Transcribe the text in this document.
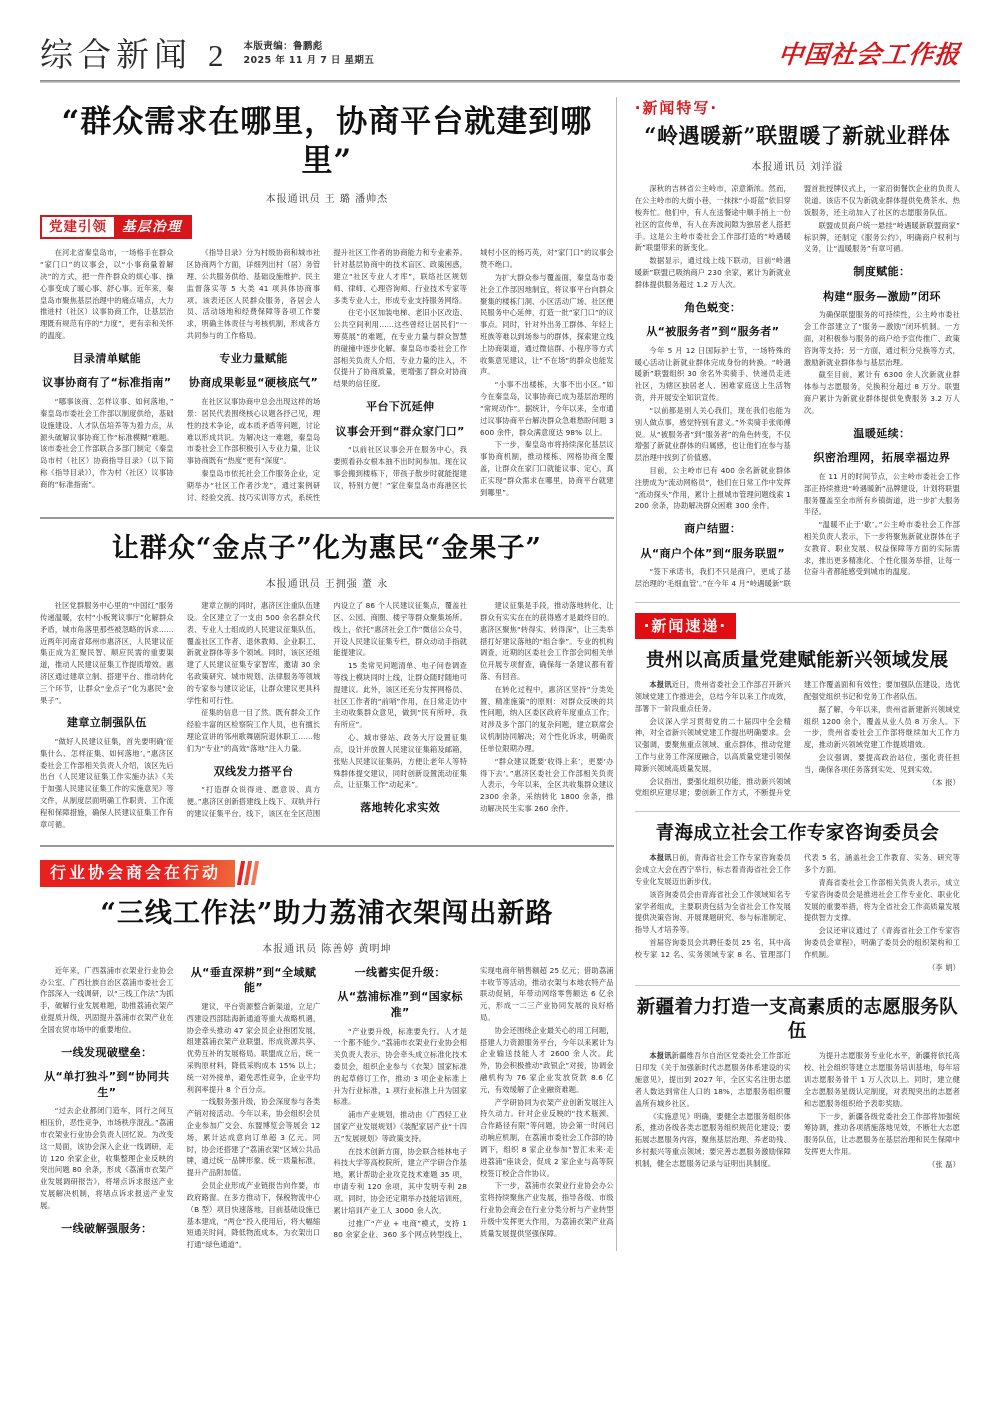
综合新闻 2 本版责编：鲁鹏彪
2025 年 11 月 7 日 星期五	中国社会工作报
“群众需求在哪里，协商平台就建到哪里”
本报通讯员 王 璐 潘帅杰
党建引领	基层治理

在河北省秦皇岛市，一场格手在群众“家门口”的议事会，以“小事商量着解决”的方式，把一件件群众的烦心事、操心事变成了暖心事、舒心事。近年来，秦皇岛市聚焦基层治理中的痛点堵点，大力推进村（社区）议事协商工作，让基层治理既有规范有序的“力度”，更有亲和关怀的温度。

目录清单赋能
议事协商有了“标准指南”

“哪事该商、怎样议事、如何落地，”秦皇岛市委社会工作部以制度供给，基础设施建设、人才队伍培养等为着力点，从源头破解议事协商工作“标准模糊”难题。该市委社会工作部联合多部门制定《秦皇岛市村（社区）协商指导目录》（以下简称《指导目录》），作为村（社区）议事协商的“标准指南”。

《指导目录》分为村级协商和城市社区协商两个方面，详细列出村（居）务管理、公共服务供给、基础设施维护、民主监督落实等 5 大类 41 项具体协商事项。该表还区人民群众服务，各居会人员、活动场地和经费保障等各项工作要求，明确主体责任与考核机制，形成各方共同参与的工作格局。

专业力量赋能
协商成果彰显“硬核底气”

在社区议事协商中总会出现这样的场景：居民代表围绕核心议题各抒己见，理性的技术争论，或本质矛盾等问题，讨论难以形成共识。为解决这一难题，秦皇岛市委社会工作部积极引入专业力量，让议事协商既有“热度”更有“深度”。

秦皇岛市依托社会工作服务企业，定期举办“社区工作者沙龙”，通过案例研讨、经验交流、技巧实训等方式，系统性提升社区工作者的协商能力和专业素养。针对基层协商中的技术盲区、政策困惑，建立“社区专业人才库”，联络社区规划师、律师、心理咨询师、行业技术专家等多类专业人士，形成专业支持服务网络。

住宅小区加装电梯、老旧小区改造、公共空间利用……这些曾经让居民们“一筹莫展”的难题，在专业力量与群众智慧的碰撞中逐步化解。秦皇岛市委社会工作部相关负责人介绍，专业力量的注入，不仅提升了协商质量，更增强了群众对协商结果的信任度。

平台下沉延伸
议事会开到“群众家门口”

“以前社区议事会开在服务中心，我要照看孙女根本抽不出时间参加。现在议事会搬到楼栋下，带孩子散步时就能提建议，特别方便！”家住秦皇岛市海港区长城村小区的杨巧英，对“家门口”的议事会赞不绝口。

为扩大群众参与覆盖面，秦皇岛市委社会工作部因地制宜，将议事平台向群众聚集的楼栋门洞、小区活动广场、社区便民服务中心延伸，打造一批“家门口”的议事点。同时，针对外出务工群体、年轻上班族等难以到场参与的群体，探索建立线上协商渠道，通过微信群、小程序等方式收集意见建议，让“不在场”的群众也能发声。

“小事不出楼栋，大事不出小区。”如今在秦皇岛，议事协商已成为基层治理的“常规动作”。据统计，今年以来，全市通过议事协商平台解决群众急难愁盼问题 3600 余件，群众满意度达 98% 以上。

下一步，秦皇岛市将持续深化基层议事协商机制，推动楼栋、网格协商全覆盖，让群众在家门口就能议事、定心，真正实现“群众需求在哪里，协商平台就建到哪里”。

让群众“金点子”化为惠民“金果子”
本报通讯员 王拥强 董 永

社区党群服务中心里的“中国红”服务传递温暖，农村“小板凳议事厅”化解群众矛盾，城市角落里那些被忽略的诉求……近两年河南省郑州市惠济区，人民建议征集正成为汇聚民智、顺应民需的重要渠道，推动人民建议征集工作提质增效。惠济区通过建章立制、搭建平台、推动转化三个环节，让群众“金点子”化为惠民“金果子”。

建章立制强队伍

“做好人民建议征集，首先要明确‘征集什么、怎样征集、如何落地’。”惠济区委社会工作部相关负责人介绍，该区先后出台《人民建议征集工作实施办法》《关于加强人民建议征集工作的实施意见》等文件，从制度层面明确工作职责、工作流程和保障措施，确保人民建议征集工作有章可循。

建章立制的同时，惠济区注重队伍建设。全区建立了一支由 500 余名群众代表、专业人士组成的人民建议征集队伍，覆盖社区工作者、退休教师、企业职工、新就业群体等多个领域。同时，该区还组建了人民建议征集专家智库，邀请 30 余名政策研究、城市规划、法律服务等领域的专家参与建议论证，让群众建议更具科学性和可行性。

征集的信息一目了然。既有群众工作经验丰富的区检察院工作人员，也有擅长理论宣讲的邻州歌舞剧院退休职工……他们为“专业”的高效“落地”注入力量。

双线发力搭平台

“打造群众说得进、愿意说、真方便。”惠济区创新搭建线上线下、双轨并行的建议征集平台。线下，该区在全区范围内设立了 86 个人民建议征集点，覆盖社区、公园、商圈、楼宇等群众聚集场所。线上，依托“惠济社会工作”微信公众号，开设人民建议征集专栏，群众动动手指就能提建议。

15 类常见问题清单、电子问卷调查等线上模块同时上线，让群众随时随地可提建议。此外，该区还充分发挥网格员、社区工作者的“前哨”作用，在日常走访中主动收集群众意见，做到“民有所呼，我有所应”。

心、城市驿站、政务大厅设置征集点，设计并放置人民建议征集箱及邮箱，张贴人民建议征集码，方便让老年人等特殊群体提交建议，同时创新设置流动征集点，让征集工作“动起来”。

落地转化求实效

建议征集是手段，推动落地转化、让群众有实实在在的获得感才是最终目的。惠济区聚焦“转得实、转得深”，让三类举措打好建议落地的“组合拳”。专业的机构调查，近期的区委社会工作部会同相关单位开展专项督查，确保每一条建议都有着落、有回音。

在转化过程中，惠济区坚持“分类处置、精准施策”的原则：对群众反映的共性问题，纳入区委区政府年度重点工作；对涉及多个部门的复杂问题，建立联席会议机制协同解决；对个性化诉求，明确责任单位限期办理。

“群众建议既要‘收得上来’，更要‘办得下去’。”惠济区委社会工作部相关负责人表示，今年以来，全区共收集群众建议 2300 余条，采纳转化 1800 余条，推动解决民生实事 260 余件。

行业协会商会在行动
“三线工作法”助力荔浦衣架闯出新路
本报通讯员 陈善婷 黄明坤

近年来，广西荔浦市衣架业行业协会办公室、广西壮族自治区荔浦市委社会工作部深入一线调研，以“三线工作法”为抓手，破解行业发展难题，助推荔浦衣架产业提质升级，巩固提升荔浦市衣架产业在全国农贸市场中的重要地位。

一线发现破壁垒：
从“单打独斗”到“协同共生”

“过去企业都闭门造车，同行之间互相压价，恶性竞争，市场秩序混乱。”荔浦市衣架业行业协会负责人回忆说。为改变这一局面，该协会深入企业一线调研，走访 120 余家企业，收集整理企业反映的突出问题 80 余条，形成《荔浦市衣架产业发展调研报告》，将堵点诉求报送产业发展解决机制，将堵点诉求报送产业发展。

一线破解强服务：
从“垂直深耕”到“全域赋能”

建议，平台资源整合新渠道，立足广西建设西部陆海新通道等重大战略机遇，协会牵头推动 47 家会员企业抱团发展，组建荔浦衣架产业联盟，形成资源共享、优势互补的发展格局。联盟成立后，统一采购原材料，降低采购成本 15% 以上；统一对外接单，避免恶性竞争，企业平均利润率提升 8 个百分点。

一线服务强升级，协会深度参与各类产销对接活动。今年以来，协会组织会员企业参加广交会、东盟博览会等展会 12 场，累计达成意向订单超 3 亿元。同时，协会还搭建了“荔浦衣架”区域公共品牌，通过统一品牌形象、统一质量标准，提升产品附加值。

会员企业形成产业链报告向作要，市政府路窗。在多方推动下，保税物流中心（B 型）项目快速落地，目前基础设施已基本建成，“两仓”投入使用后，将大幅缩短通关时间，降低物流成本，为衣架出口打通“绿色通道”。

一线蓄实促升级：
从“荔浦标准”到“国家标准”

“产业要升级，标准要先行。人才是一个都不能少。”荔浦市衣架业行业协会相关负责人表示，协会牵头成立标准化技术委员会，组织企业参与《衣架》国家标准的起草修订工作，推动 3 项企业标准上升为行业标准，1 项行业标准上升为国家标准。

浦市产业规划，推动由《广西轻工业国家产业发展规划》《装配家居产业“十四五”发展规划》等政策支持。

在技术创新方面，协会联合桂林电子科技大学等高校院所，建立产学研合作基地，累计帮助企业攻克技术难题 35 项，申请专利 120 余项，其中发明专利 28 项。同时，协会还定期举办技能培训班，累计培训产业工人 3000 余人次。

过推广“产业 + 电商”模式，支持 180 余家企业、360 多个网点转型线上，实现电商年销售额超 25 亿元；借助荔浦丰收节等活动，推动衣架与本地农特产品联动促销，年带动网络零售额达 6 亿余元，形成一二三产业协同发展的良好格局。

协会还围绕企业最关心的用工问题，搭建人力资源服务平台，今年以来累计为企业输送技能人才 2600 余人次。此外，协会积极推动“政银企”对接，协调金融机构为 76 家企业发放贷款 8.6 亿元，有效缓解了企业融资难题。

产学研协同为衣架产业创新发展注入持久动力。针对企业反映的“技术瓶颈、合作路径有限”等问题，协会第一时间启动响应机制，在荔浦市委社会工作部的协调下，组织 8 家企业参加“智汇未来·走进荔浦”座谈会，促成 2 家企业与高等院校签订校企合作协议。

下一步，荔浦市衣架业行业协会办公室将持续聚焦产业发展，指导各级、市级行业协会商会在行业分类分析与产业转型升级中发挥更大作用，为荔浦衣架产业高质量发展提供坚强保障。

·新闻特写·
“岭遇暖新”联盟暖了新就业群体
本报通讯员 刘洋溢

深秋的吉林省公主岭市，凉意渐浓。然而，在公主岭市的大街小巷，一抹抹“小哥蓝”依旧穿梭奔忙。他们中，有人在送餐途中顺手捎上一份社区的宣传单，有人在奔波间隙为独居老人搭把手。这是公主岭市委社会工作部打造的“岭遇暖新”联盟带来的新变化。

数据显示，通过线上线下联动，目前“岭遇暖新”联盟已吸纳商户 230 余家，累计为新就业群体提供服务超过 1.2 万人次。

角色蜕变：
从“被服务者”到“服务者”

今年 5 月 12 日国际护士节，一场特殊的暖心活动让新就业群体完成身份的转换。“岭遇暖新”联盟组织 30 余名外卖骑手、快递员走进社区，为辖区独居老人、困难家庭送上生活物资，并开展安全知识宣传。

“以前都是别人关心我们，现在我们也能为别人做点事，感觉特别有意义。”外卖骑手张师傅说。从“被服务者”到“服务者”的角色转变，不仅增强了新就业群体的归属感，也让他们在参与基层治理中找到了价值感。

目前，公主岭市已有 400 余名新就业群体注册成为“流动网格员”，他们在日常工作中发挥“流动探头”作用，累计上报城市管理问题线索 1200 余条，协助解决群众困难 300 余件。

商户结盟：
从“商户个体”到“服务联盟”

“签下承诺书，我们不只是商户，更成了基层治理的‘毛细血管’。”在今年 4 月“岭遇暖新”联盟首批授牌仪式上，一家沿街餐饮企业的负责人说道。该店不仅为新就业群体提供免费茶水、热饭服务，还主动加入了社区的志愿服务队伍。

联盟成员商户统一悬挂“岭遇暖新联盟商家”标识牌，还制定《服务公约》，明确商户权利与义务，让“温暖服务”有章可循。

制度赋能：
构建“服务—激励”闭环

为确保联盟服务的可持续性，公主岭市委社会工作部建立了“服务—激励”闭环机制。一方面，对积极参与服务的商户给予宣传推广、政策咨询等支持；另一方面，通过积分兑换等方式，激励新就业群体参与基层治理。

截至目前，累计有 6300 余人次新就业群体参与志愿服务，兑换积分超过 8 万分。联盟商户累计为新就业群体提供免费服务 3.2 万人次。

温暖延续：
织密治理网，拓展幸福边界

在 11 月的时间节点，公主岭市委社会工作部正持续推进“岭遇暖新”品牌建设，计划将联盟服务覆盖至全市所有乡镇街道，进一步扩大服务半径。

“温暖不止于‘歇’。”公主岭市委社会工作部相关负责人表示，下一步将聚焦新就业群体在子女教育、职业发展、权益保障等方面的实际需求，推出更多精准化、个性化服务举措，让每一位奋斗者都能感受到城市的温度。

·新闻速递·
贵州以高质量党建赋能新兴领域发展

本报讯近日，贵州省委社会工作部召开新兴领域党建工作推进会，总结今年以来工作成效，部署下一阶段重点任务。

会议深入学习贯彻党的二十届四中全会精神，对全省新兴领域党建工作提出明确要求。会议强调，要聚焦重点领域、重点群体，推动党建工作与业务工作深度融合，以高质量党建引领保障新兴领域高质量发展。

会议指出，要强化组织功能，推动新兴领域党组织应建尽建；要创新工作方式，不断提升党建工作覆盖面和有效性；要加强队伍建设，选优配强党组织书记和党务工作者队伍。

据了解，今年以来，贵州省新建新兴领域党组织 1200 余个，覆盖从业人员 8 万余人。下一步，贵州省委社会工作部将继续加大工作力度，推动新兴领域党建工作提质增效。

会议强调，要提高政治站位，强化责任担当，确保各项任务落到实处、见到实效。

（本 报）

青海成立社会工作专家咨询委员会

本报讯日前，青海省社会工作专家咨询委员会成立大会在西宁举行，标志着青海省社会工作专业化发展迈出新步伐。

该咨询委员会由青海省社会工作领域知名专家学者组成，主要职责包括为全省社会工作发展提供决策咨询、开展课题研究、参与标准制定、指导人才培养等。

首届咨询委员会共聘任委员 25 名，其中高校专家 12 名、实务领域专家 8 名、管理部门代表 5 名，涵盖社会工作教育、实务、研究等多个方面。

青海省委社会工作部相关负责人表示，成立专家咨询委员会是推进社会工作专业化、职业化发展的重要举措，将为全省社会工作高质量发展提供智力支撑。

会议还审议通过了《青海省社会工作专家咨询委员会章程》，明确了委员会的组织架构和工作机制。

（李 娟）

新疆着力打造一支高素质的志愿服务队伍

本报讯新疆维吾尔自治区党委社会工作部近日印发《关于加强新时代志愿服务体系建设的实施意见》，提出到 2027 年，全区实名注册志愿者人数达到常住人口的 18%，志愿服务组织覆盖所有城乡社区。

《实施意见》明确，要健全志愿服务组织体系，推动各级各类志愿服务组织规范化建设；要拓展志愿服务内容，聚焦基层治理、养老助残、乡村振兴等重点领域；要完善志愿服务激励保障机制，健全志愿服务记录与证明出具制度。

为提升志愿服务专业化水平，新疆将依托高校、社会组织等建立志愿服务培训基地，每年培训志愿服务骨干 1 万人次以上。同时，建立健全志愿服务星级认定制度，对表现突出的志愿者和志愿服务组织给予表彰奖励。

下一步，新疆各级党委社会工作部将加强统筹协调，推动各项措施落地见效，不断壮大志愿服务队伍，让志愿服务在基层治理和民生保障中发挥更大作用。

（张 磊）
